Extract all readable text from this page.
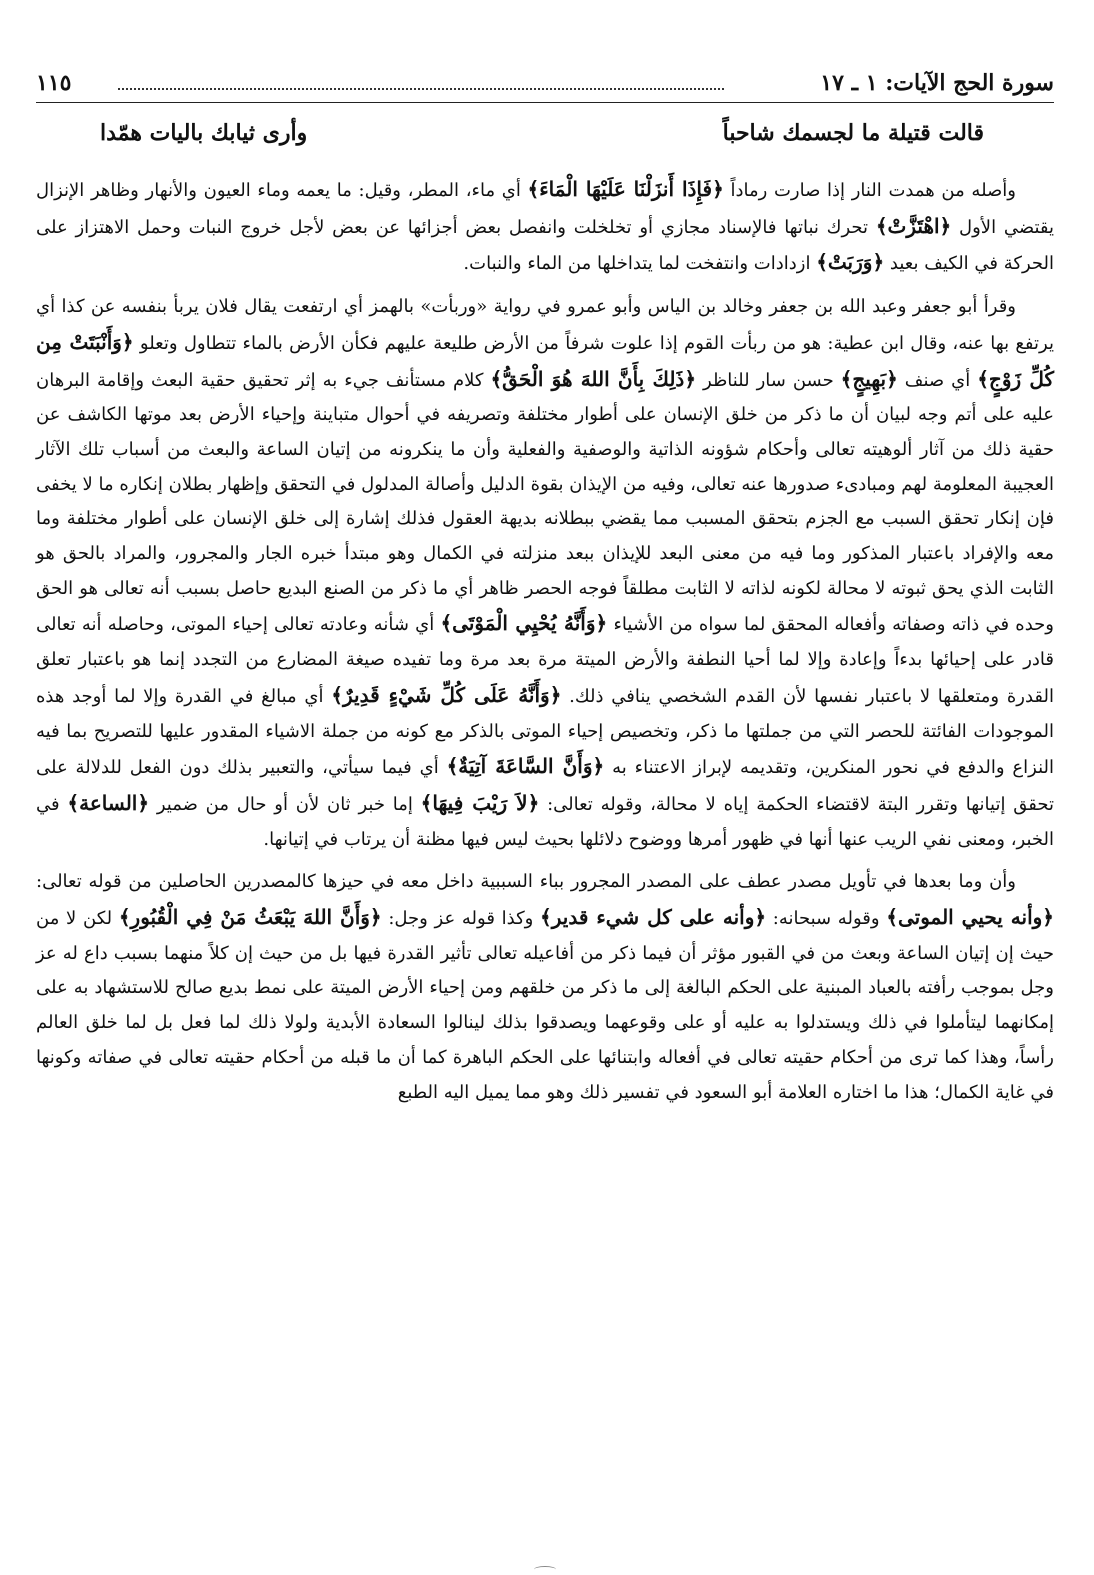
سورة الحج الآيات: ١ ـ ١٧
١١٥
قالت قتيلة ما لجسمك شاحباً
وأرى ثيابك باليات همّدا

وأصله من همدت النار إذا صارت رماداً ﴿فَإِذَا أَنزَلْنَا عَلَيْهَا الْمَاءَ﴾ أي ماء، المطر، وقيل: ما يعمه وماء العيون والأنهار وظاهر الإنزال يقتضي الأول ﴿اهْتَزَّتْ﴾ تحرك نباتها فالإسناد مجازي أو تخلخلت وانفصل بعض أجزائها عن بعض لأجل خروج النبات وحمل الاهتزاز على الحركة في الكيف بعيد ﴿وَرَبَتْ﴾ ازدادات وانتفخت لما يتداخلها من الماء والنبات.

وقرأ أبو جعفر وعبد الله بن جعفر وخالد بن الياس وأبو عمرو في رواية «وربأت» بالهمز أي ارتفعت يقال فلان يربأ بنفسه عن كذا أي يرتفع بها عنه، وقال ابن عطية: هو من ربأت القوم إذا علوت شرفاً من الأرض طليعة عليهم فكأن الأرض بالماء تتطاول وتعلو ﴿وَأَنْبَتَتْ مِن كُلِّ زَوْجٍ﴾ أي صنف ﴿بَهِيجٍ﴾ حسن سار للناظر ﴿ذَلِكَ بِأَنَّ اللهَ هُوَ الْحَقُّ﴾ كلام مستأنف جيء به إثر تحقيق حقية البعث وإقامة البرهان عليه على أتم وجه لبيان أن ما ذكر من خلق الإنسان على أطوار مختلفة وتصريفه في أحوال متباينة وإحياء الأرض بعد موتها الكاشف عن حقية ذلك من آثار ألوهيته تعالى وأحكام شؤونه الذاتية والوصفية والفعلية وأن ما ينكرونه من إتيان الساعة والبعث من أسباب تلك الآثار العجيبة المعلومة لهم ومبادىء صدورها عنه تعالى، وفيه من الإيذان بقوة الدليل وأصالة المدلول في التحقق وإظهار بطلان إنكاره ما لا يخفى فإن إنكار تحقق السبب مع الجزم بتحقق المسبب مما يقضي ببطلانه بديهة العقول فذلك إشارة إلى خلق الإنسان على أطوار مختلفة وما معه والإفراد باعتبار المذكور وما فيه من معنى البعد للإيذان ببعد منزلته في الكمال وهو مبتدأ خبره الجار والمجرور، والمراد بالحق هو الثابت الذي يحق ثبوته لا محالة لكونه لذاته لا الثابت مطلقاً فوجه الحصر ظاهر أي ما ذكر من الصنع البديع حاصل بسبب أنه تعالى هو الحق وحده في ذاته وصفاته وأفعاله المحقق لما سواه من الأشياء ﴿وَأَنَّهُ يُحْيِي الْمَوْتَى﴾ أي شأنه وعادته تعالى إحياء الموتى، وحاصله أنه تعالى قادر على إحيائها بدءاً وإعادة وإلا لما أحيا النطفة والأرض الميتة مرة بعد مرة وما تفيده صيغة المضارع من التجدد إنما هو باعتبار تعلق القدرة ومتعلقها لا باعتبار نفسها لأن القدم الشخصي ينافي ذلك. ﴿وَأَنَّهُ عَلَى كُلِّ شَيْءٍ قَدِيرٌ﴾ أي مبالغ في القدرة وإلا لما أوجد هذه الموجودات الفائتة للحصر التي من جملتها ما ذكر، وتخصيص إحياء الموتى بالذكر مع كونه من جملة الاشياء المقدور عليها للتصريح بما فيه النزاع والدفع في نحور المنكرين، وتقديمه لإبراز الاعتناء به ﴿وَأَنَّ السَّاعَةَ آتِيَةٌ﴾ أي فيما سيأتي، والتعبير بذلك دون الفعل للدلالة على تحقق إتيانها وتقرر البتة لاقتضاء الحكمة إياه لا محالة، وقوله تعالى: ﴿لاَ رَيْبَ فِيهَا﴾ إما خبر ثان لأن أو حال من ضمير ﴿الساعة﴾ في الخبر، ومعنى نفي الريب عنها أنها في ظهور أمرها ووضوح دلائلها بحيث ليس فيها مظنة أن يرتاب في إتيانها.

وأن وما بعدها في تأويل مصدر عطف على المصدر المجرور بباء السببية داخل معه في حيزها كالمصدرين الحاصلين من قوله تعالى: ﴿وأنه يحيي الموتى﴾ وقوله سبحانه: ﴿وأنه على كل شيء قدير﴾ وكذا قوله عز وجل: ﴿وَأَنَّ اللهَ يَبْعَثُ مَنْ فِي الْقُبُورِ﴾ لكن لا من حيث إن إتيان الساعة وبعث من في القبور مؤثر أن فيما ذكر من أفاعيله تعالى تأثير القدرة فيها بل من حيث إن كلاً منهما بسبب داع له عز وجل بموجب رأفته بالعباد المبنية على الحكم البالغة إلى ما ذكر من خلقهم ومن إحياء الأرض الميتة على نمط بديع صالح للاستشهاد به على إمكانهما ليتأملوا في ذلك ويستدلوا به عليه أو على وقوعهما ويصدقوا بذلك لينالوا السعادة الأبدية ولولا ذلك لما فعل بل لما خلق العالم رأساً، وهذا كما ترى من أحكام حقيته تعالى في أفعاله وابتنائها على الحكم الباهرة كما أن ما قبله من أحكام حقيته تعالى في صفاته وكونها في غاية الكمال؛ هذا ما اختاره العلامة أبو السعود في تفسير ذلك وهو مما يميل اليه الطبع
